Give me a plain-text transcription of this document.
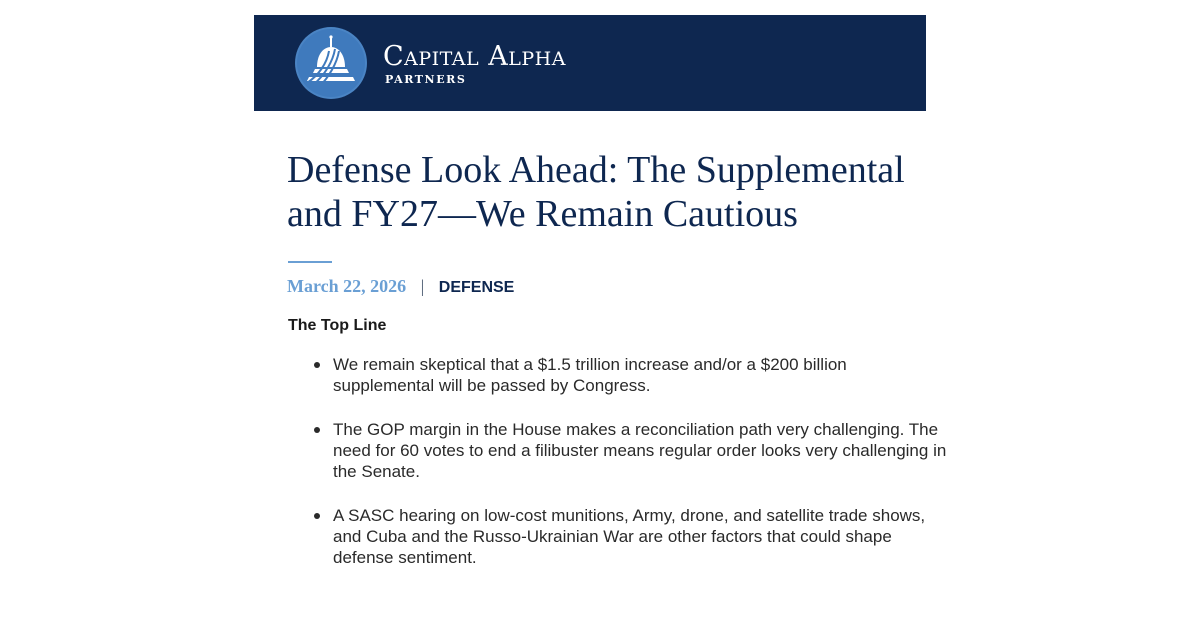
Capital Alpha
PARTNERS
Defense Look Ahead: The Supplemental and FY27—We Remain Cautious
March 22, 2026 | DEFENSE
The Top Line
We remain skeptical that a $1.5 trillion increase and/or a $200 billion supplemental will be passed by Congress.
The GOP margin in the House makes a reconciliation path very challenging. The need for 60 votes to end a filibuster means regular order looks very challenging in the Senate.
A SASC hearing on low-cost munitions, Army, drone, and satellite trade shows, and Cuba and the Russo-Ukrainian War are other factors that could shape defense sentiment.
